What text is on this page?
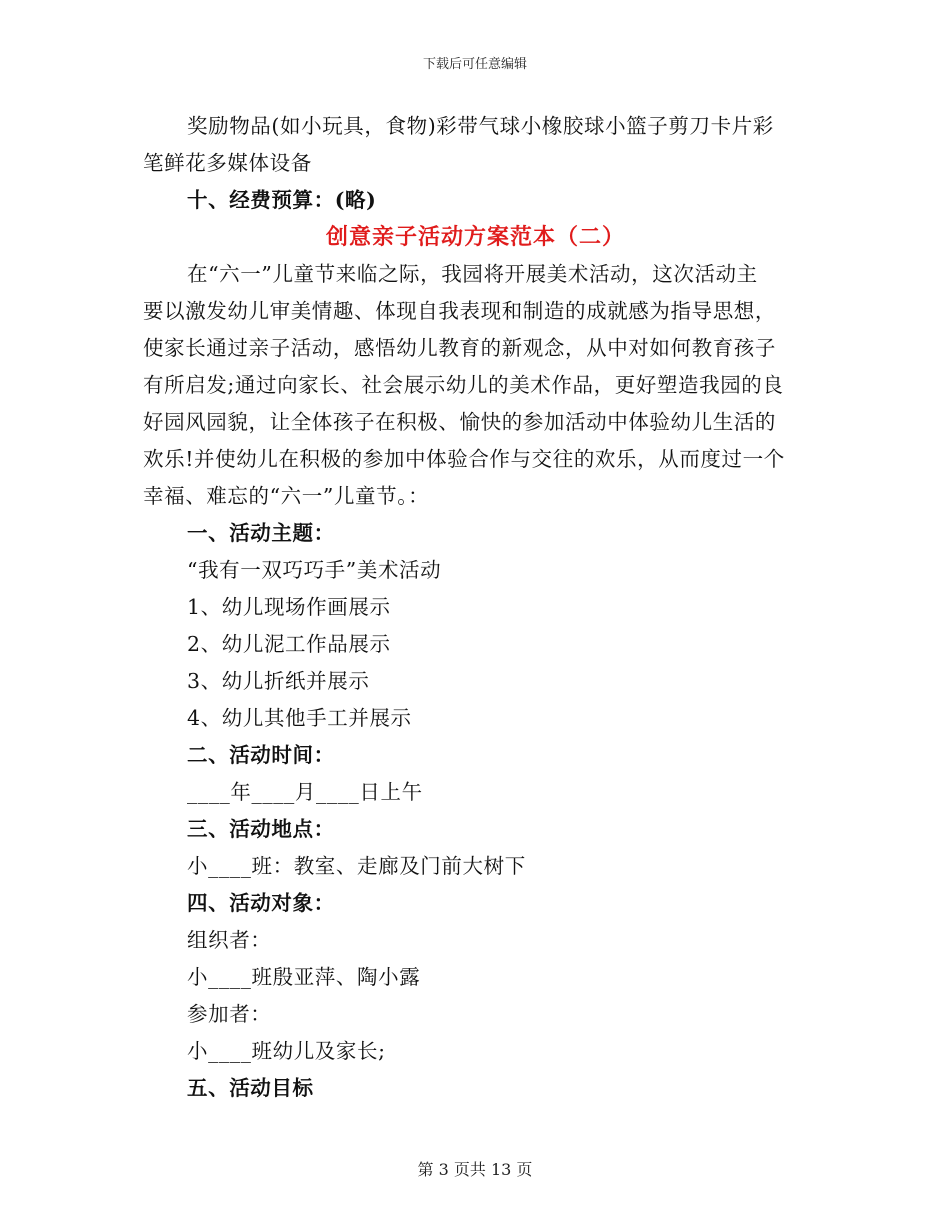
下载后可任意编辑
奖励物品(如小玩具，食物)彩带气球小橡胶球小篮子剪刀卡片彩
笔鲜花多媒体设备
十、经费预算：(略)
创意亲子活动方案范本（二）
在“六一”儿童节来临之际，我园将开展美术活动，这次活动主
要以激发幼儿审美情趣、体现自我表现和制造的成就感为指导思想，
使家长通过亲子活动，感悟幼儿教育的新观念，从中对如何教育孩子
有所启发;通过向家长、社会展示幼儿的美术作品，更好塑造我园的良
好园风园貌，让全体孩子在积极、愉快的参加活动中体验幼儿生活的
欢乐!并使幼儿在积极的参加中体验合作与交往的欢乐，从而度过一个
幸福、难忘的“六一”儿童节。：
一、活动主题：
“我有一双巧巧手”美术活动
1、幼儿现场作画展示
2、幼儿泥工作品展示
3、幼儿折纸并展示
4、幼儿其他手工并展示
二、活动时间：
____年____月____日上午
三、活动地点：
小____班：教室、走廊及门前大树下
四、活动对象：
组织者：
小____班殷亚萍、陶小露
参加者：
小____班幼儿及家长;
五、活动目标
第 3 页共 13 页
